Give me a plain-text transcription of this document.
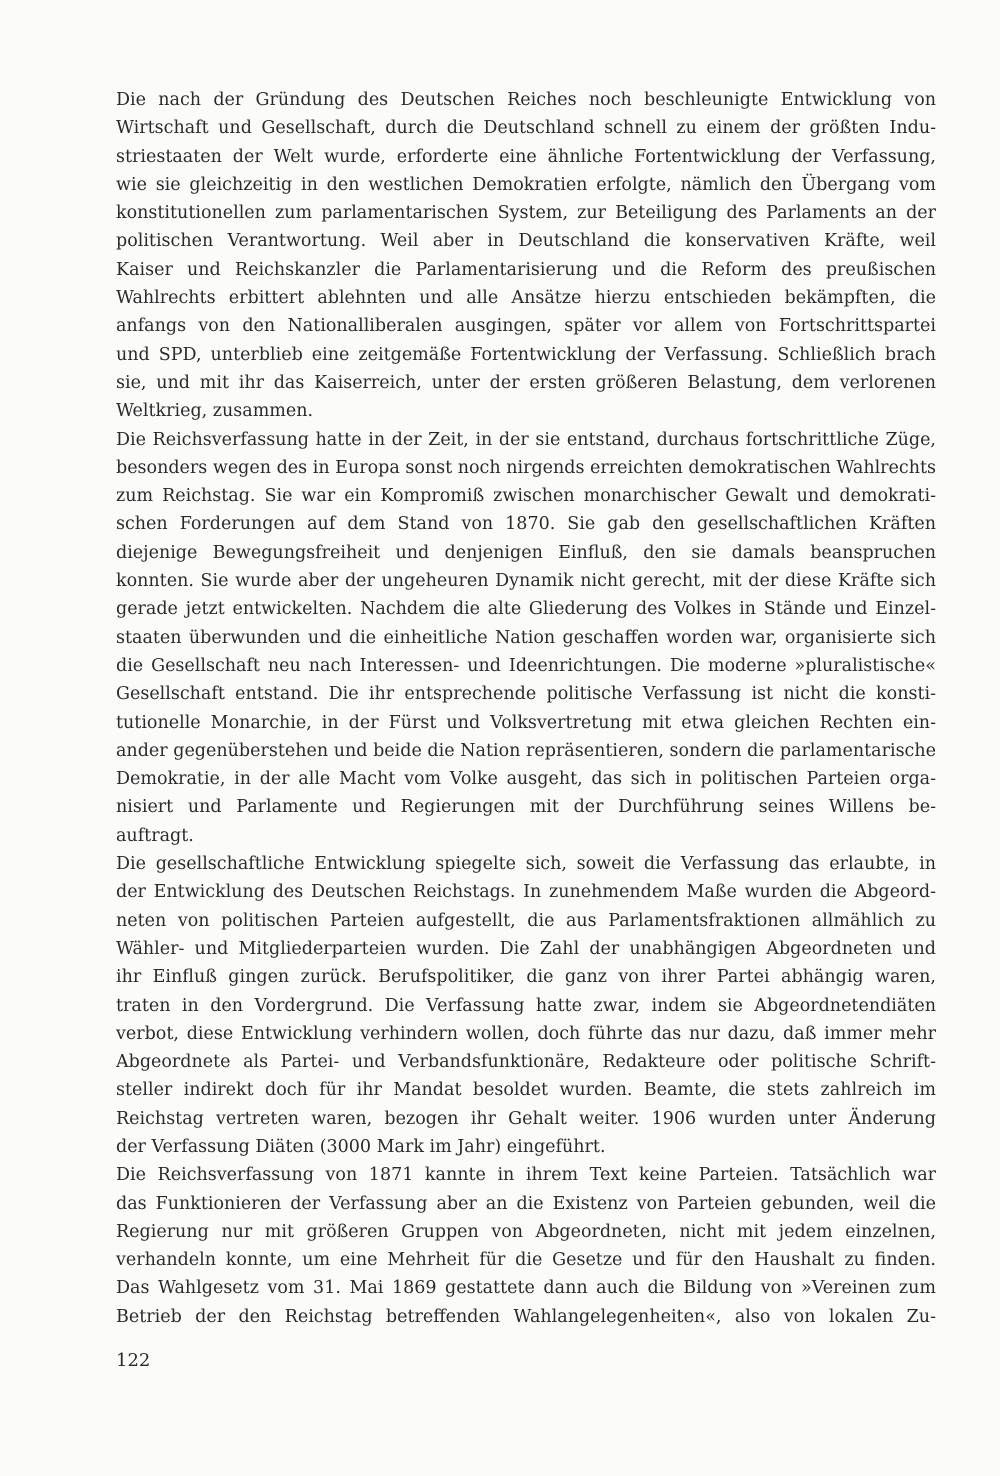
Die nach der Gründung des Deutschen Reiches noch beschleunigte Entwicklung von
Wirtschaft und Gesellschaft, durch die Deutschland schnell zu einem der größten Indu-
striestaaten der Welt wurde, erforderte eine ähnliche Fortentwicklung der Verfassung,
wie sie gleichzeitig in den westlichen Demokratien erfolgte, nämlich den Übergang vom
konstitutionellen zum parlamentarischen System, zur Beteiligung des Parlaments an der
politischen Verantwortung. Weil aber in Deutschland die konservativen Kräfte, weil
Kaiser und Reichskanzler die Parlamentarisierung und die Reform des preußischen
Wahlrechts erbittert ablehnten und alle Ansätze hierzu entschieden bekämpften, die
anfangs von den Nationalliberalen ausgingen, später vor allem von Fortschrittspartei
und SPD, unterblieb eine zeitgemäße Fortentwicklung der Verfassung. Schließlich brach
sie, und mit ihr das Kaiserreich, unter der ersten größeren Belastung, dem verlorenen
Weltkrieg, zusammen.
Die Reichsverfassung hatte in der Zeit, in der sie entstand, durchaus fortschrittliche Züge,
besonders wegen des in Europa sonst noch nirgends erreichten demokratischen Wahlrechts
zum Reichstag. Sie war ein Kompromiß zwischen monarchischer Gewalt und demokrati-
schen Forderungen auf dem Stand von 1870. Sie gab den gesellschaftlichen Kräften
diejenige Bewegungsfreiheit und denjenigen Einfluß, den sie damals beanspruchen
konnten. Sie wurde aber der ungeheuren Dynamik nicht gerecht, mit der diese Kräfte sich
gerade jetzt entwickelten. Nachdem die alte Gliederung des Volkes in Stände und Einzel-
staaten überwunden und die einheitliche Nation geschaffen worden war, organisierte sich
die Gesellschaft neu nach Interessen- und Ideenrichtungen. Die moderne »pluralistische«
Gesellschaft entstand. Die ihr entsprechende politische Verfassung ist nicht die konsti-
tutionelle Monarchie, in der Fürst und Volksvertretung mit etwa gleichen Rechten ein-
ander gegenüberstehen und beide die Nation repräsentieren, sondern die parlamentarische
Demokratie, in der alle Macht vom Volke ausgeht, das sich in politischen Parteien orga-
nisiert und Parlamente und Regierungen mit der Durchführung seines Willens be-
auftragt.
Die gesellschaftliche Entwicklung spiegelte sich, soweit die Verfassung das erlaubte, in
der Entwicklung des Deutschen Reichstags. In zunehmendem Maße wurden die Abgeord-
neten von politischen Parteien aufgestellt, die aus Parlamentsfraktionen allmählich zu
Wähler- und Mitgliederparteien wurden. Die Zahl der unabhängigen Abgeordneten und
ihr Einfluß gingen zurück. Berufspolitiker, die ganz von ihrer Partei abhängig waren,
traten in den Vordergrund. Die Verfassung hatte zwar, indem sie Abgeordnetendiäten
verbot, diese Entwicklung verhindern wollen, doch führte das nur dazu, daß immer mehr
Abgeordnete als Partei- und Verbandsfunktionäre, Redakteure oder politische Schrift-
steller indirekt doch für ihr Mandat besoldet wurden. Beamte, die stets zahlreich im
Reichstag vertreten waren, bezogen ihr Gehalt weiter. 1906 wurden unter Änderung
der Verfassung Diäten (3000 Mark im Jahr) eingeführt.
Die Reichsverfassung von 1871 kannte in ihrem Text keine Parteien. Tatsächlich war
das Funktionieren der Verfassung aber an die Existenz von Parteien gebunden, weil die
Regierung nur mit größeren Gruppen von Abgeordneten, nicht mit jedem einzelnen,
verhandeln konnte, um eine Mehrheit für die Gesetze und für den Haushalt zu finden.
Das Wahlgesetz vom 31. Mai 1869 gestattete dann auch die Bildung von »Vereinen zum
Betrieb der den Reichstag betreffenden Wahlangelegenheiten«, also von lokalen Zu-
122
